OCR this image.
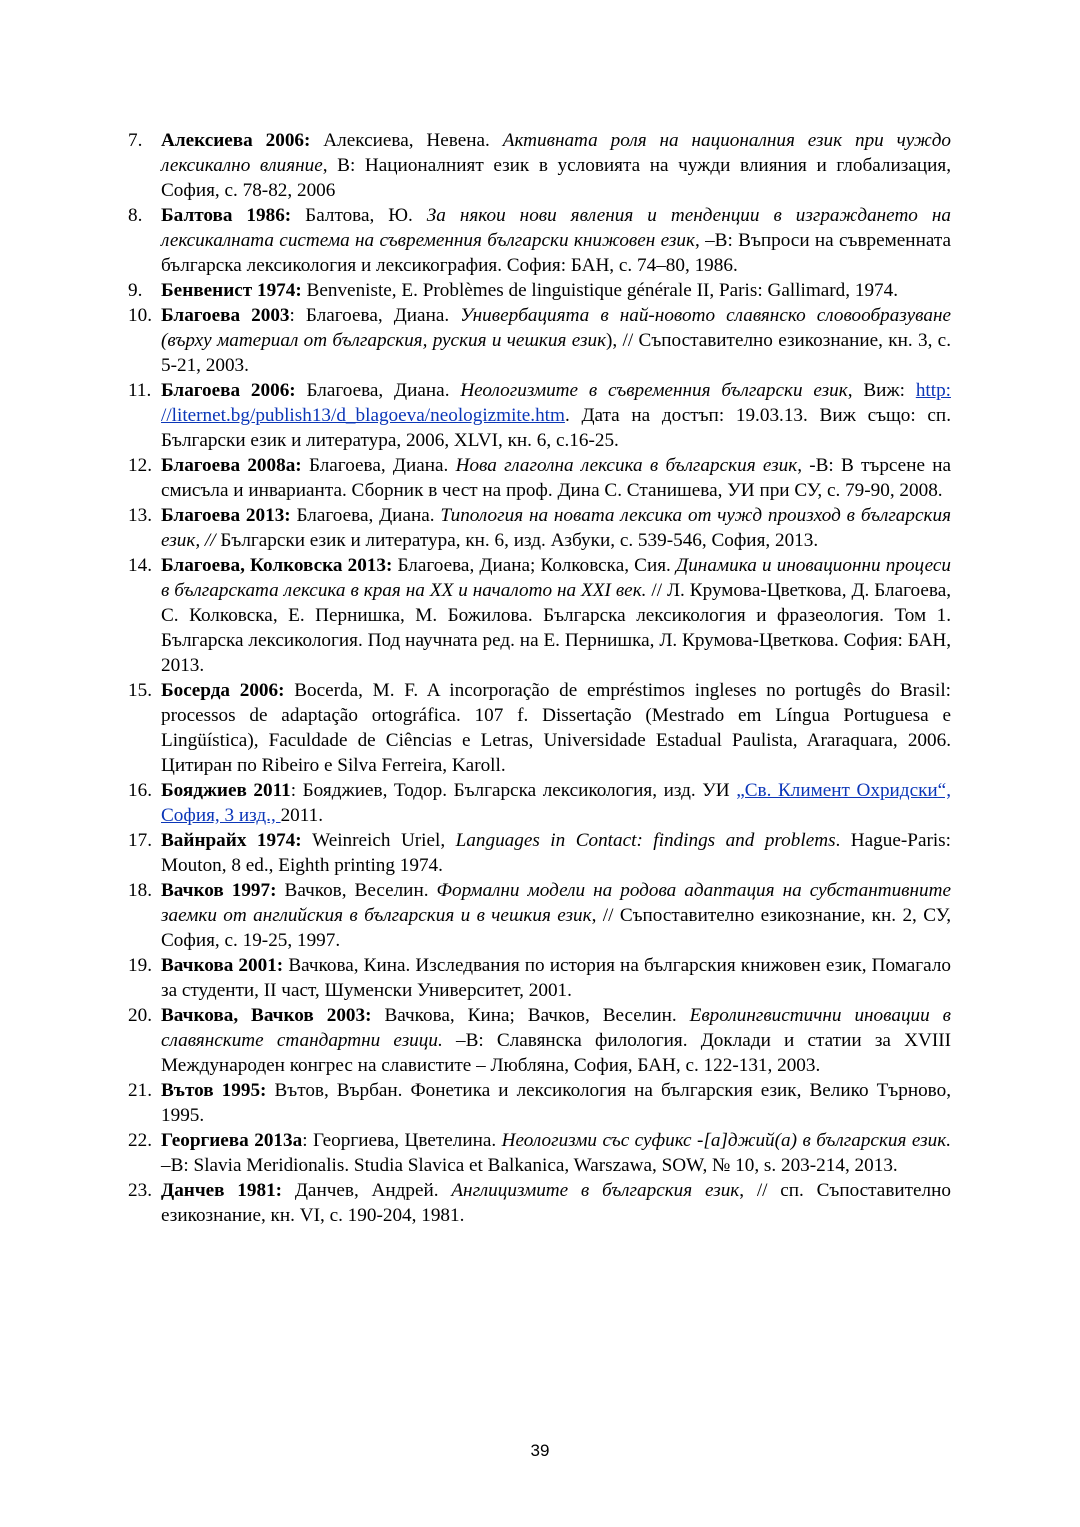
7. Алексиева 2006: Алексиева, Невена. Активната роля на националния език при чуждо лексикално влияние, В: Националният език в условията на чужди влияния и глобализация, София, с. 78-82, 2006
8. Балтова 1986: Балтова, Ю. За някои нови явления и тенденции в изграждането на лексикалната система на съвременния български книжовен език, –В: Въпроси на съвременната българска лексикология и лексикография. София: БАН, с. 74–80, 1986.
9. Бенвенист 1974: Benveniste, E. Problèmes de linguistique générale II, Paris: Gallimard, 1974.
10. Благоева 2003: Благоева, Диана. Универбацията в най-новото славянско словообразуване (върху материал от българския, руския и чешкия език), // Съпоставително езикознание, кн. 3, с. 5-21, 2003.
11. Благоева 2006: Благоева, Диана. Неологизмите в съвременния български език, Виж: http: //liternet.bg/publish13/d_blagoeva/neologizmite.htm. Дата на достъп: 19.03.13. Виж също: сп. Български език и литература, 2006, XLVI, кн. 6, с.16-25.
12. Благоева 2008а: Благоева, Диана. Нова глаголна лексика в българския език, -В: В търсене на смисъла и инварианта. Сборник в чест на проф. Дина С. Станишева, УИ при СУ, с. 79-90, 2008.
13. Благоева 2013: Благоева, Диана. Типология на новата лексика от чужд произход в българския език, // Български език и литература, кн. 6, изд. Азбуки, с. 539-546, София, 2013.
14. Благоева, Колковска 2013: Благоева, Диана; Колковска, Сия. Динамика и иновационни процеси в българската лексика в края на XX и началото на XXI век. // Л. Крумова-Цветкова, Д. Благоева, С. Колковска, Е. Пернишка, М. Божилова. Българска лексикология и фразеология. Том 1. Българска лексикология. Под научната ред. на Е. Пернишка, Л. Крумова-Цветкова. София: БАН, 2013.
15. Боcерда 2006: Bocerda, M. F. A incorporação de empréstimos ingleses no portugês do Brasil: processos de adaptação ortográfica. 107 f. Dissertação (Mestrado em Língua Portuguesa e Lingüística), Faculdade de Ciências e Letras, Universidade Estadual Paulista, Araraquara, 2006. Цитиран по Ribeiro e Silva Ferreira, Karoll.
16. Бояджиев 2011: Бояджиев, Тодор. Българска лексикология, изд. УИ „Св. Климент Охридски“, София, 3 изд., 2011.
17. Вайнрайх 1974: Weinreich Uriel, Languages in Contact: findings and problems. Hague-Paris: Mouton, 8 ed., Eighth printing 1974.
18. Вачков 1997: Вачков, Веселин. Формални модели на родова адаптация на субстантивните заемки от английския в българския и в чешкия език, // Съпоставително езикознание, кн. 2, СУ, София, с. 19-25, 1997.
19. Вачкова 2001: Вачкова, Кина. Изследвания по история на българския книжовен език, Помагало за студенти, II част, Шуменски Университет, 2001.
20. Вачкова, Вачков 2003: Вачкова, Кина; Вачков, Веселин. Евролингвистични иновации в славянските стандартни езици. –В: Славянска филология. Доклади и статии за XVIII Международен конгрес на славистите – Любляна, София, БАН, с. 122-131, 2003.
21. Вътов 1995: Вътов, Върбан. Фонетика и лексикология на българския език, Велико Търново, 1995.
22. Георгиева 2013а: Георгиева, Цветелина. Неологизми със суфикс -[а]джий(а) в българския език. –В: Slavia Meridionalis. Studia Slavica et Balkanica, Warszawa, SOW, № 10, s. 203-214, 2013.
23. Данчев 1981: Данчев, Андрей. Англицизмите в българския език, // сп. Съпоставително езикознание, кн. VI, с. 190-204, 1981.
39
